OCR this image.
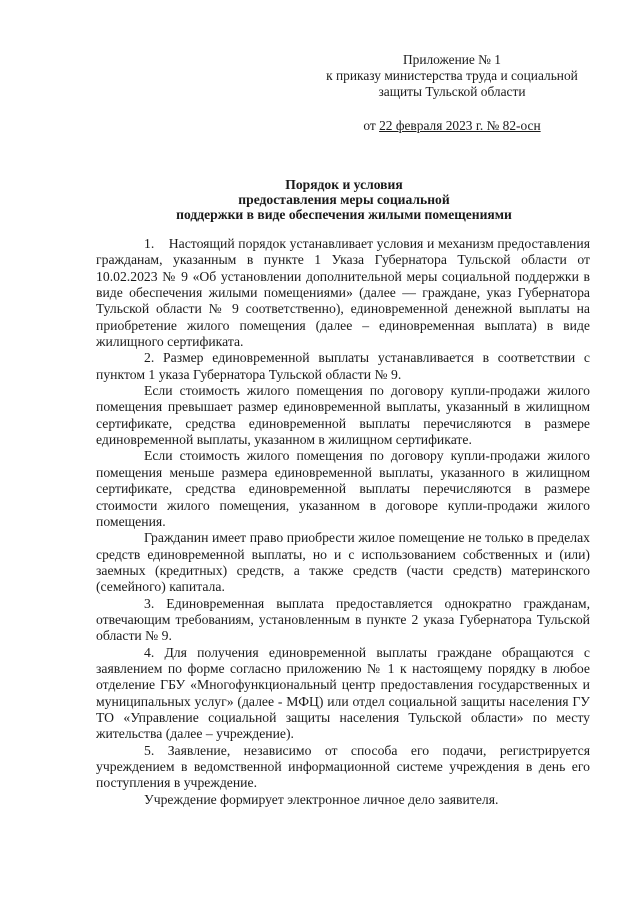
Приложение № 1
к приказу министерства труда и социальной
защиты Тульской области
от 22 февраля 2023 г. № 82-осн
Порядок и условия
предоставления меры социальной
поддержки в виде обеспечения жилыми помещениями

1.    Настоящий порядок устанавливает условия и механизм предоставления гражданам, указанным в пункте 1 Указа Губернатора Тульской области от 10.02.2023 № 9 «Об установлении дополнительной меры социальной поддержки в виде обеспечения жилыми помещениями» (далее — граждане, указ Губернатора Тульской области № 9 соответственно), единовременной денежной выплаты на приобретение жилого помещения (далее – единовременная выплата) в виде жилищного сертификата.

2. Размер единовременной выплаты устанавливается в соответствии с пунктом 1 указа Губернатора Тульской области № 9.

Если стоимость жилого помещения по договору купли-продажи жилого помещения превышает размер единовременной выплаты, указанный в жилищном сертификате, средства единовременной выплаты перечисляются в размере единовременной выплаты, указанном в жилищном сертификате.

Если стоимость жилого помещения по договору купли-продажи жилого помещения меньше размера единовременной выплаты, указанного в жилищном сертификате, средства единовременной выплаты перечисляются в размере стоимости жилого помещения, указанном в договоре купли-продажи жилого помещения.

Гражданин имеет право приобрести жилое помещение не только в пределах средств единовременной выплаты, но и с использованием собственных и (или) заемных (кредитных) средств, а также средств (части средств) материнского (семейного) капитала.

3. Единовременная выплата предоставляется однократно гражданам, отвечающим требованиям, установленным в пункте 2 указа Губернатора Тульской области № 9.

4. Для получения единовременной выплаты граждане обращаются с заявлением по форме согласно приложению № 1 к настоящему порядку в любое отделение ГБУ «Многофункциональный центр предоставления государственных и муниципальных услуг» (далее - МФЦ) или отдел социальной защиты населения ГУ ТО «Управление социальной защиты населения Тульской области» по месту жительства (далее – учреждение).

5. Заявление, независимо от способа его подачи, регистрируется учреждением в ведомственной информационной системе учреждения в день его поступления в учреждение.

Учреждение формирует электронное личное дело заявителя.
